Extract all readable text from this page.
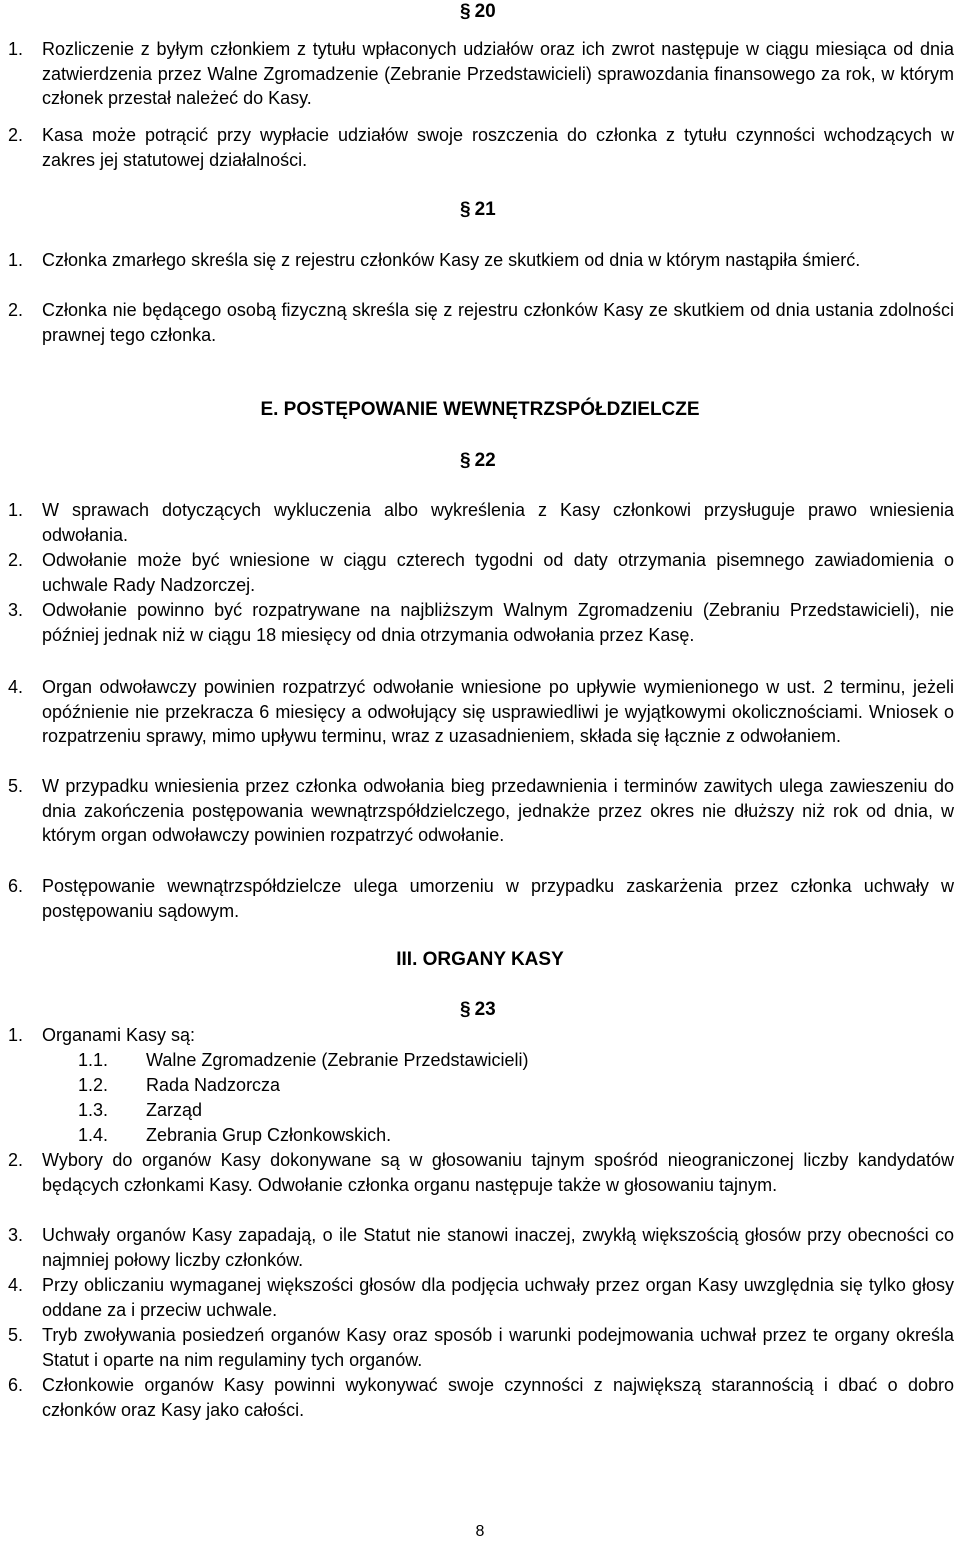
§ 20
1. Rozliczenie z byłym członkiem z tytułu wpłaconych udziałów oraz ich zwrot następuje w ciągu miesiąca od dnia zatwierdzenia przez Walne Zgromadzenie (Zebranie Przedstawicieli) sprawozdania finansowego za rok, w którym członek przestał należeć do Kasy.
2. Kasa może potrącić przy wypłacie udziałów swoje roszczenia do członka z tytułu czynności wchodzących w zakres jej statutowej działalności.
§ 21
1. Członka zmarłego skreśla się z rejestru członków Kasy ze skutkiem od dnia w którym nastąpiła śmierć.
2. Członka nie będącego osobą fizyczną skreśla się z rejestru członków Kasy ze skutkiem od dnia ustania zdolności prawnej tego członka.
E. POSTĘPOWANIE WEWNĘTRZSPÓŁDZIELCZE
§ 22
1. W sprawach dotyczących wykluczenia albo wykreślenia z Kasy członkowi przysługuje prawo wniesienia odwołania.
2. Odwołanie może być wniesione w ciągu czterech tygodni od daty otrzymania pisemnego zawiadomienia o uchwale Rady Nadzorczej.
3. Odwołanie powinno być rozpatrywane na najbliższym Walnym Zgromadzeniu (Zebraniu Przedstawicieli), nie później jednak niż w ciągu 18 miesięcy od dnia otrzymania odwołania przez Kasę.
4. Organ odwoławczy powinien rozpatrzyć odwołanie wniesione po upływie wymienionego w ust. 2 terminu, jeżeli opóźnienie nie przekracza 6 miesięcy a odwołujący się usprawiedliwi je wyjątkowymi okolicznościami. Wniosek o rozpatrzeniu sprawy, mimo upływu terminu, wraz z uzasadnieniem, składa się łącznie z odwołaniem.
5. W przypadku wniesienia przez członka odwołania bieg przedawnienia i terminów zawitych ulega zawieszeniu do dnia zakończenia postępowania wewnątrzspółdzielczego, jednakże przez okres nie dłuższy niż rok od dnia, w którym organ odwoławczy powinien rozpatrzyć odwołanie.
6. Postępowanie wewnątrzspółdzielcze ulega umorzeniu w przypadku zaskarżenia przez członka uchwały w postępowaniu sądowym.
III. ORGANY KASY
§ 23
1. Organami Kasy są:
1.1. Walne Zgromadzenie (Zebranie Przedstawicieli)
1.2. Rada Nadzorcza
1.3. Zarząd
1.4. Zebrania Grup Członkowskich.
2. Wybory do organów Kasy dokonywane są w głosowaniu tajnym spośród nieograniczonej liczby kandydatów będących członkami Kasy. Odwołanie członka organu następuje także w głosowaniu tajnym.
3. Uchwały organów Kasy zapadają, o ile Statut nie stanowi inaczej, zwykłą większością głosów przy obecności co najmniej połowy liczby członków.
4. Przy obliczaniu wymaganej większości głosów dla podjęcia uchwały przez organ Kasy uwzględnia się tylko głosy oddane za i przeciw uchwale.
5. Tryb zwoływania posiedzeń organów Kasy oraz sposób i warunki podejmowania uchwał przez te organy określa Statut i oparte na nim regulaminy tych organów.
6. Członkowie organów Kasy powinni wykonywać swoje czynności z największą starannością i dbać o dobro członków oraz Kasy jako całości.
8
